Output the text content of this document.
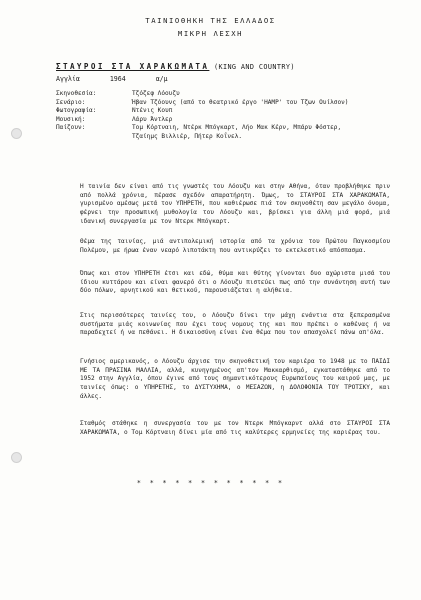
ΤΑΙΝΙΟΘΗΚΗ ΤΗΣ ΕΛΛΑΔΟΣ
ΜΙΚΡΗ ΛΕΣΧΗ
ΣΤΑΥΡΟΙ ΣΤΑ ΧΑΡΑΚΩΜΑΤΑ (KING AND COUNTRY)
Αγγλία	1964	α/μ
Σκηνοθεσία:	Τζόζεφ Λόουζυ
Σενάριο:	Ήβαν Τζόουνς (από το θεατρικό έργο 'HAMP' του Τζων Ουίλσον)
Φωτογραφία:	Ντένις Κουπ
Μουσική:	Λάρυ Άντλερ
Παίζουν:	Τομ Κόρτναιη, Ντέρκ Μπόγκαρτ, Λήο Μακ Κέρν, Μπάρυ Φόστερ,
Τζαίημς Βιλλιέρ, Πήτερ Κοΐνελ.
Η ταινία δεν είναι από τις γνωστές του Λόουζυ και στην Αθήνα, όταν προβλήθηκε πριν από πολλά χρόνια, πέρασε σχεδόν απαρατήρητη. Όμως, το ΣΤΑΥΡΟΙ ΣΤΑ ΧΑΡΑΚΩΜΑΤΑ, γυρισμένο αμέσως μετά τον ΥΠΗΡΕΤΗ, που καθιέρωσε πιά τον σκηνοθέτη σαν μεγάλο όνομα, φέρνει την προσωπική μυθολογία του Λόουζυ και, βρίσκει για άλλη μιά φορά, μιά ιδανική συνεργασία με τον Ντερκ Μπόγκαρτ.
Θέμα της ταινίας, μιά αντιπολεμική ιστορία από τα χρόνια του Πρώτου Παγκοσμίου Πολέμου, με ήρωα έναν νεαρό λιποτάκτη που αντικρύζει το εκτελεστικό απόσπασμα.
Όπως και στον ΥΠΗΡΕΤΗ έτσι και εδώ, θύμα και θύτης γίνονται δυο αχώριστα μισά του ίδιου κυττάρου και είναι φανερό ότι ο Λόουζυ πιστεύει πως από την συνάντηση αυτή των δύο πόλων, αρνητικού και θετικού, παρουσιάζεται η αλήθεια.
Στις περισσότερες ταινίες του, ο Λόουζυ δίνει την μάχη ενάντια στα ξεπερασμένα συστήματα μιάς κοινωνίας που έχει τους νομους της και που πρέπει ο καθένας ή να παραδεχτεί ή να πεθάνει. Η δικαιοσύνη είναι ένα θέμα που τον απασχολεί πάνω απ'όλα.
Γνήσιος αμερικανός, ο Λόουζυ άρχισε την σκηνοθετική του καριέρα το 1948 με το ΠΑΙΔΙ ΜΕ ΤΑ ΠΡΑΣΙΝΑ ΜΑΛΛΙΑ, αλλά, κυνηγημένος απ'τον Μακκαρθισμό, εγκαταστάθηκε από το 1952 στην Αγγλία, όπου έγινε από τους σημαντικότερους Ευρωπαίους του καιρού μας, με ταινίες όπως: ο ΥΠΗΡΕΤΗΣ, το ΔΥΣΤΥΧΗΜΑ, ο ΜΕΣΑΖΩΝ, η ΔΟΛΟΦΟΝΙΑ ΤΟΥ ΤΡΟΤΣΚΥ, και άλλες.
Σταθμός στάθηκε η συνεργασία του με τον Ντερκ Μπόγκαρντ αλλά στο ΣΤΑΥΡΟΙ ΣΤΑ ΧΑΡΑΚΩΜΑΤΑ, ο Τομ Κόρτναιη δίνει μία από τις καλύτερες ερμηνείες της καριέρας του.
* * * * * * * * * * * *
